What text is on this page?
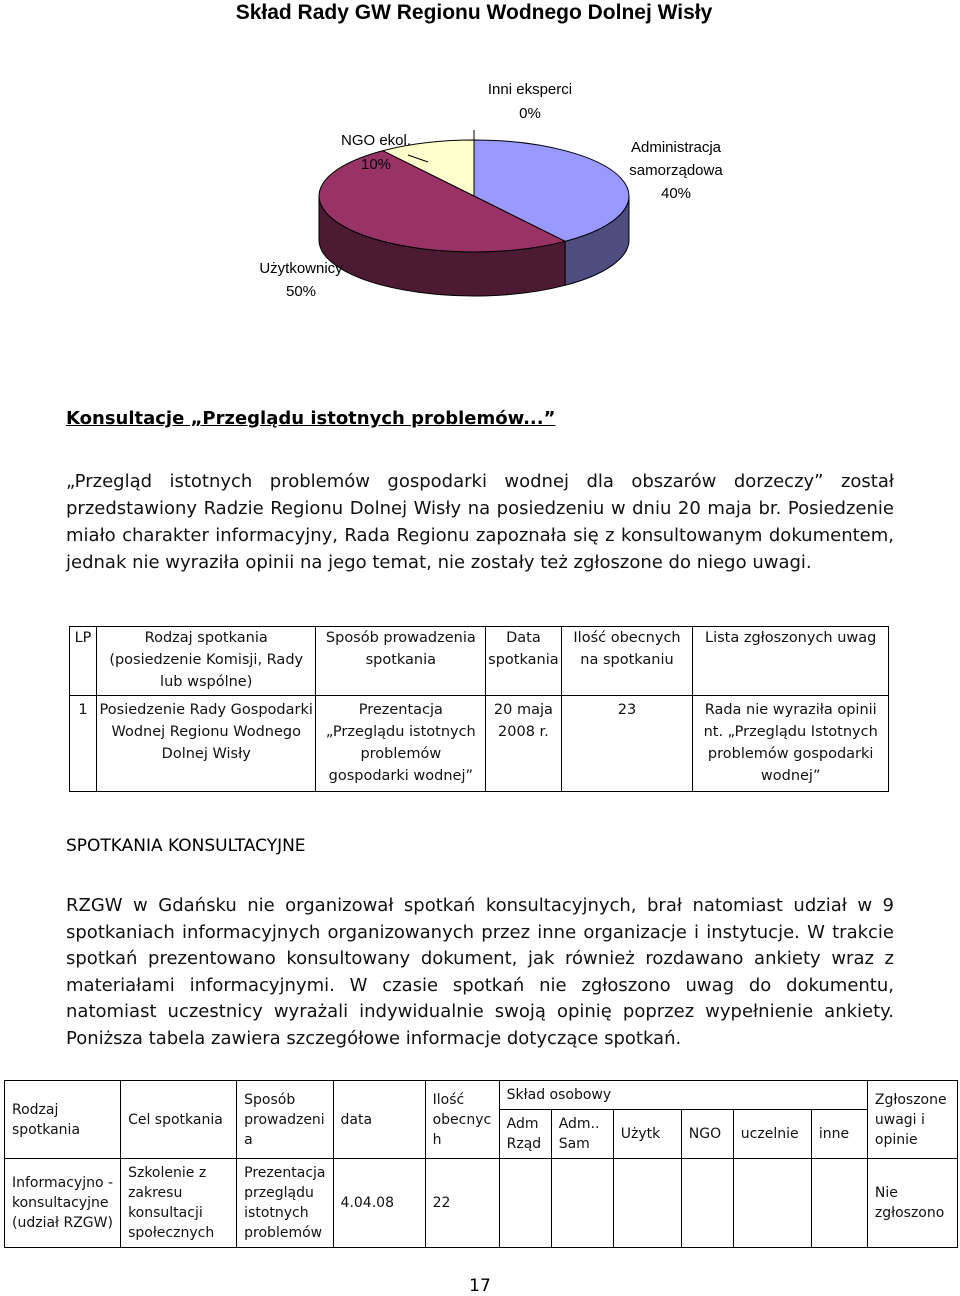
Skład Rady GW Regionu Wodnego Dolnej Wisły
Inni eksperci
0%
NGO ekol.
10%
Administracja
samorządowa
40%
Użytkownicy
50%
Konsultacje „Przeglądu istotnych problemów...”
„Przegląd istotnych problemów gospodarki wodnej dla obszarów dorzeczy” został przedstawiony Radzie Regionu Dolnej Wisły na posiedzeniu w dniu 20 maja br. Posiedzenie miało charakter informacyjny, Rada Regionu zapoznała się z konsultowanym dokumentem, jednak nie wyraziła opinii na jego temat, nie zostały też zgłoszone do niego uwagi.
LP	Rodzaj spotkania (posiedzenie Komisji, Rady lub wspólne)	Sposób prowadzenia spotkania	Data spotkania	Ilość obecnych na spotkaniu	Lista zgłoszonych uwag
1	Posiedzenie Rady Gospodarki Wodnej Regionu Wodnego Dolnej Wisły	Prezentacja „Przeglądu istotnych problemów gospodarki wodnej”	20 maja 2008 r.	23	Rada nie wyraziła opinii nt. „Przeglądu Istotnych problemów gospodarki wodnej”
SPOTKANIA KONSULTACYJNE
RZGW w Gdańsku nie organizował spotkań konsultacyjnych, brał natomiast udział w 9 spotkaniach informacyjnych organizowanych przez inne organizacje i instytucje. W trakcie spotkań prezentowano konsultowany dokument, jak również rozdawano ankiety wraz z materiałami informacyjnymi. W czasie spotkań nie zgłoszono uwag do dokumentu, natomiast uczestnicy wyrażali indywidualnie swoją opinię poprzez wypełnienie ankiety. Poniższa tabela zawiera szczegółowe informacje dotyczące spotkań.
Rodzaj spotkania	Cel spotkania	Sposób prowadzeni a	data	Ilość obecnyc h	Skład osobowy						Zgłoszone uwagi i opinie
					Adm Rząd	Adm.. Sam	Użytk	NGO	uczelnie	inne	
Informacyjno - konsultacyjne (udział RZGW)	Szkolenie z zakresu konsultacji społecznych	Prezentacja przeglądu istotnych problemów	4.04.08	22							Nie zgłoszono
17
